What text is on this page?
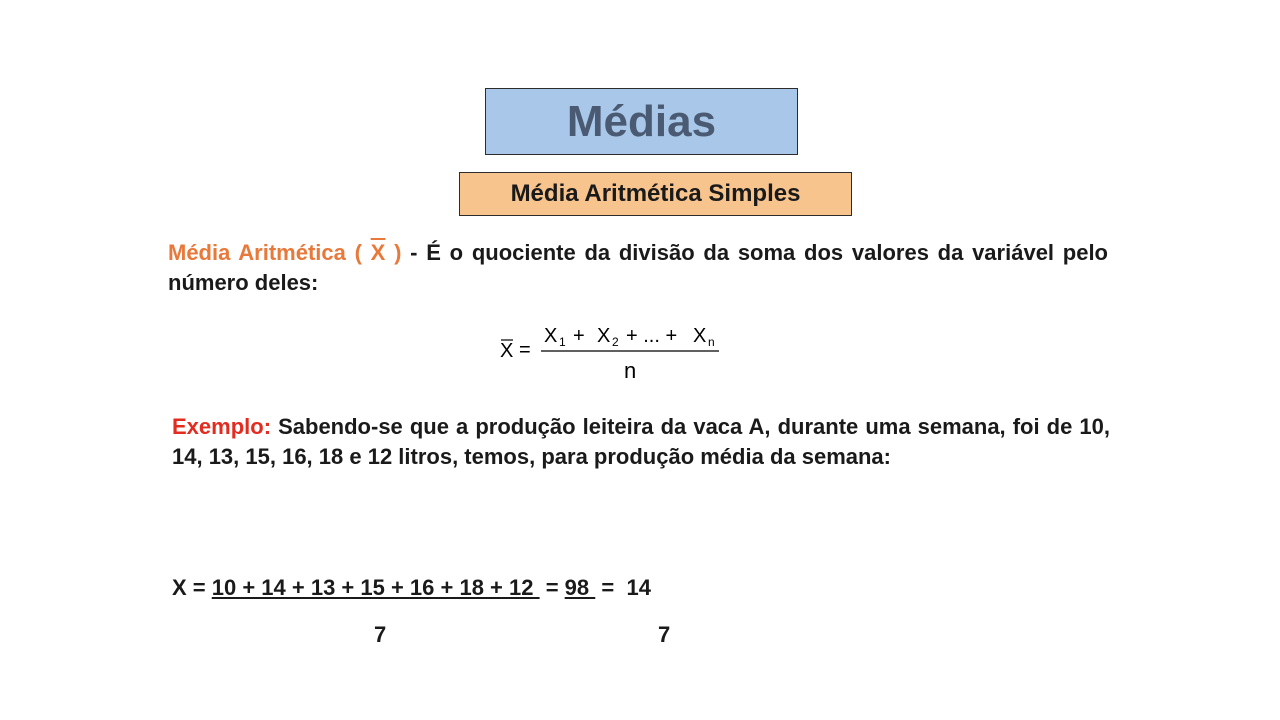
Médias
Média Aritmética Simples
Média Aritmética ( $\overline{X}$ ) - É o quociente da divisão da soma dos valores da variável pelo número deles:
X =
X 1 + X 2 + ... + X n
n
Exemplo: Sabendo-se que a produção leiteira da vaca A, durante uma semana, foi de 10, 14, 13, 15, 16, 18 e 12 litros, temos, para produção média da semana:
X = 10 + 14 + 13 + 15 + 16 + 18 + 12  = 98  =  14
7	7
